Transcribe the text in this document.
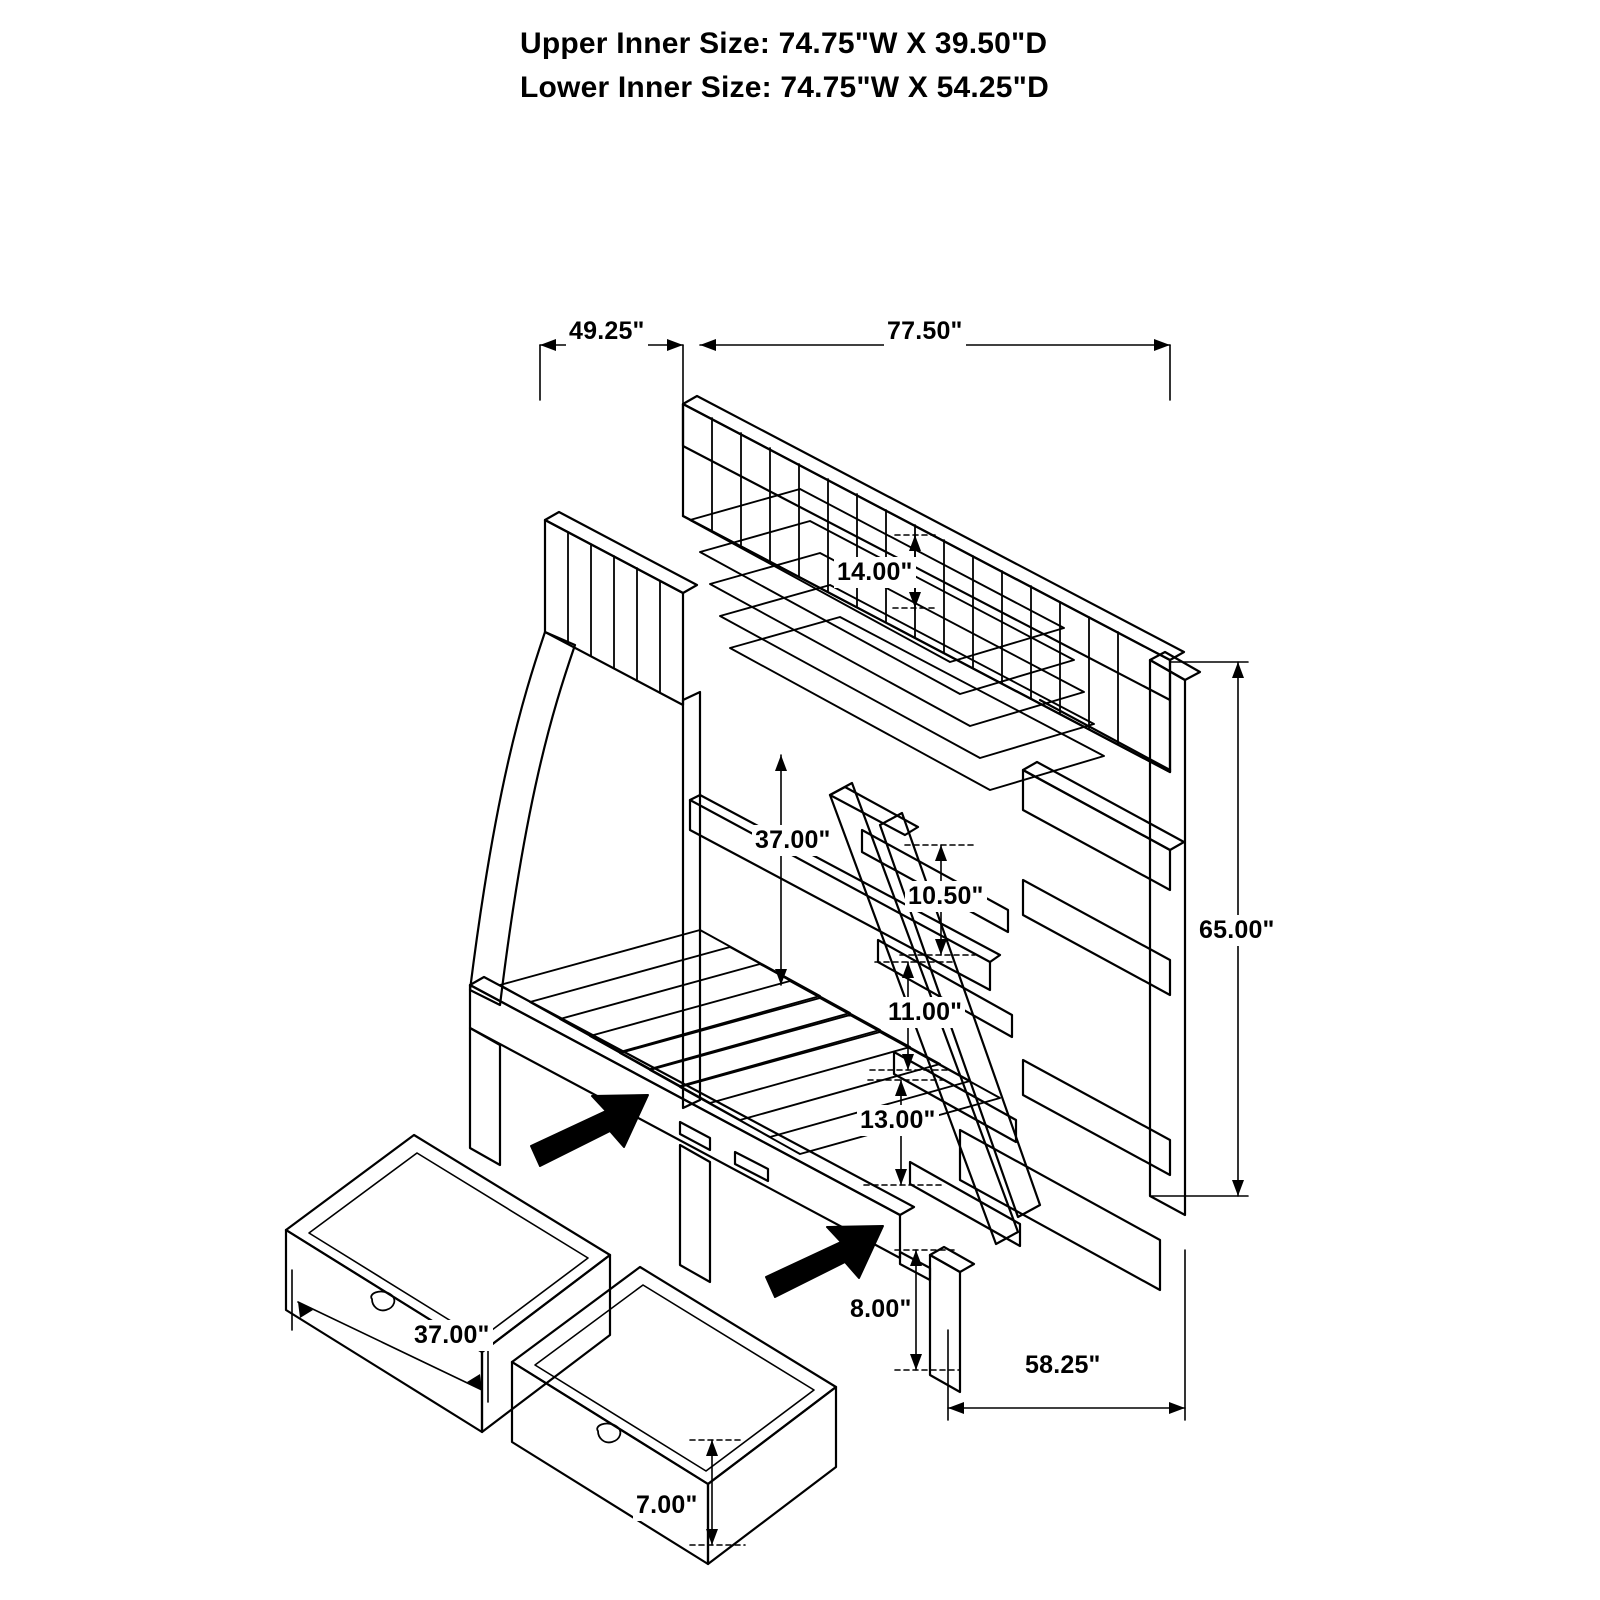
Upper Inner Size: 74.75"W X 39.50"D
Lower Inner Size: 74.75"W X 54.25"D
49.25"	77.50"
14.00"
37.00"
10.50"
11.00"
13.00"
8.00"
65.00"
58.25"
37.00"
7.00"
